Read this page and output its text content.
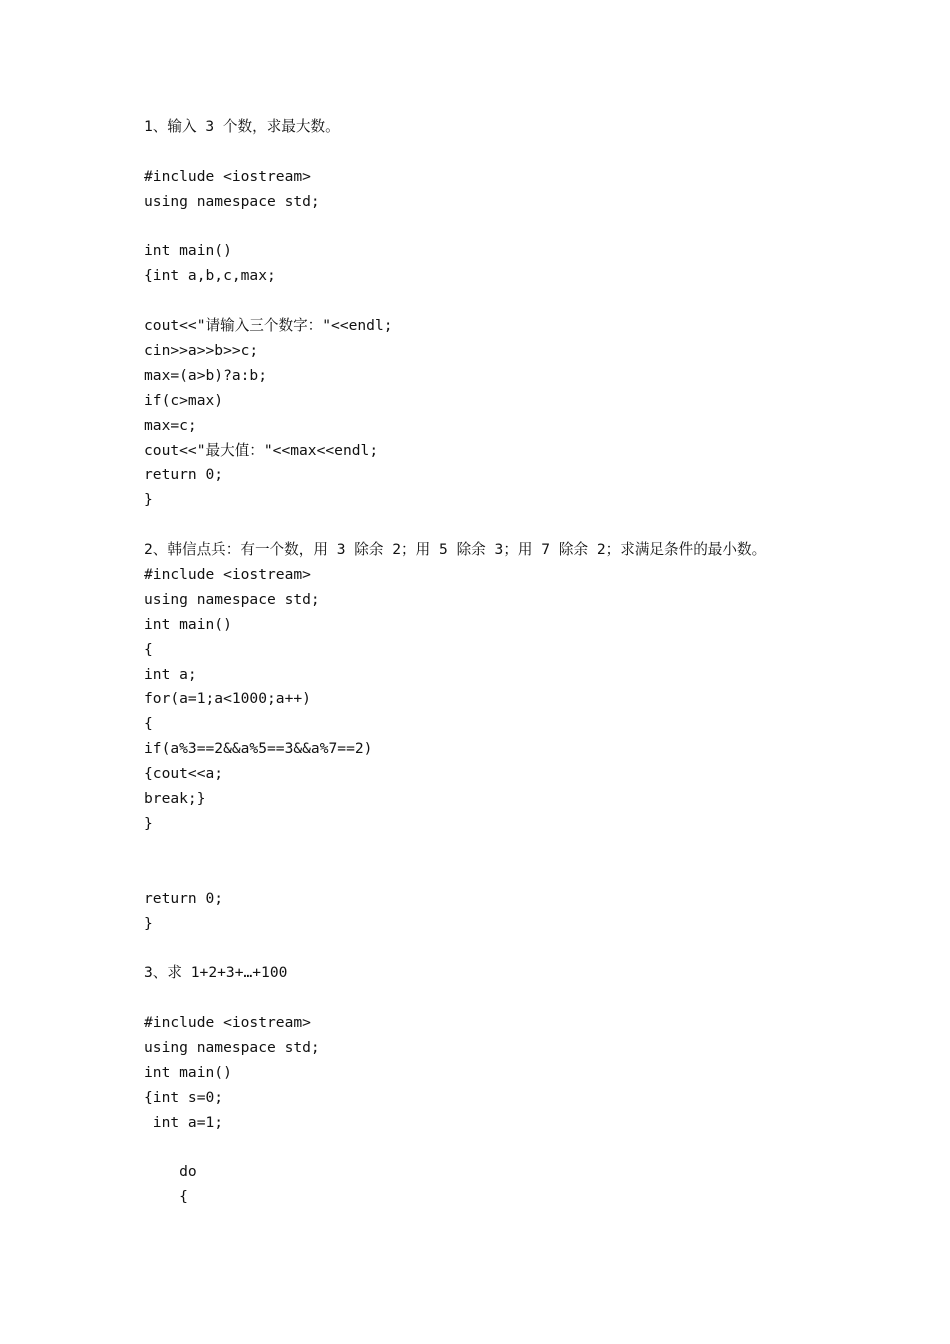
1、输入 3 个数，求最大数。
#include <iostream>
using namespace std;
int main()
{int a,b,c,max;
cout<<"请输入三个数字："<<endl;
cin>>a>>b>>c;
max=(a>b)?a:b;
if(c>max)
max=c;
cout<<"最大值："<<max<<endl;
return 0;
}
2、韩信点兵：有一个数，用 3 除余 2；用 5 除余 3；用 7 除余 2；求满足条件的最小数。
#include <iostream>
using namespace std;
int main()
{
int a;
for(a=1;a<1000;a++)
{
if(a%3==2&&a%5==3&&a%7==2)
{cout<<a;
break;}
}
return 0;
}
3、求 1+2+3+…+100
#include <iostream>
using namespace std;
int main()
{int s=0;
int a=1;
do
{
